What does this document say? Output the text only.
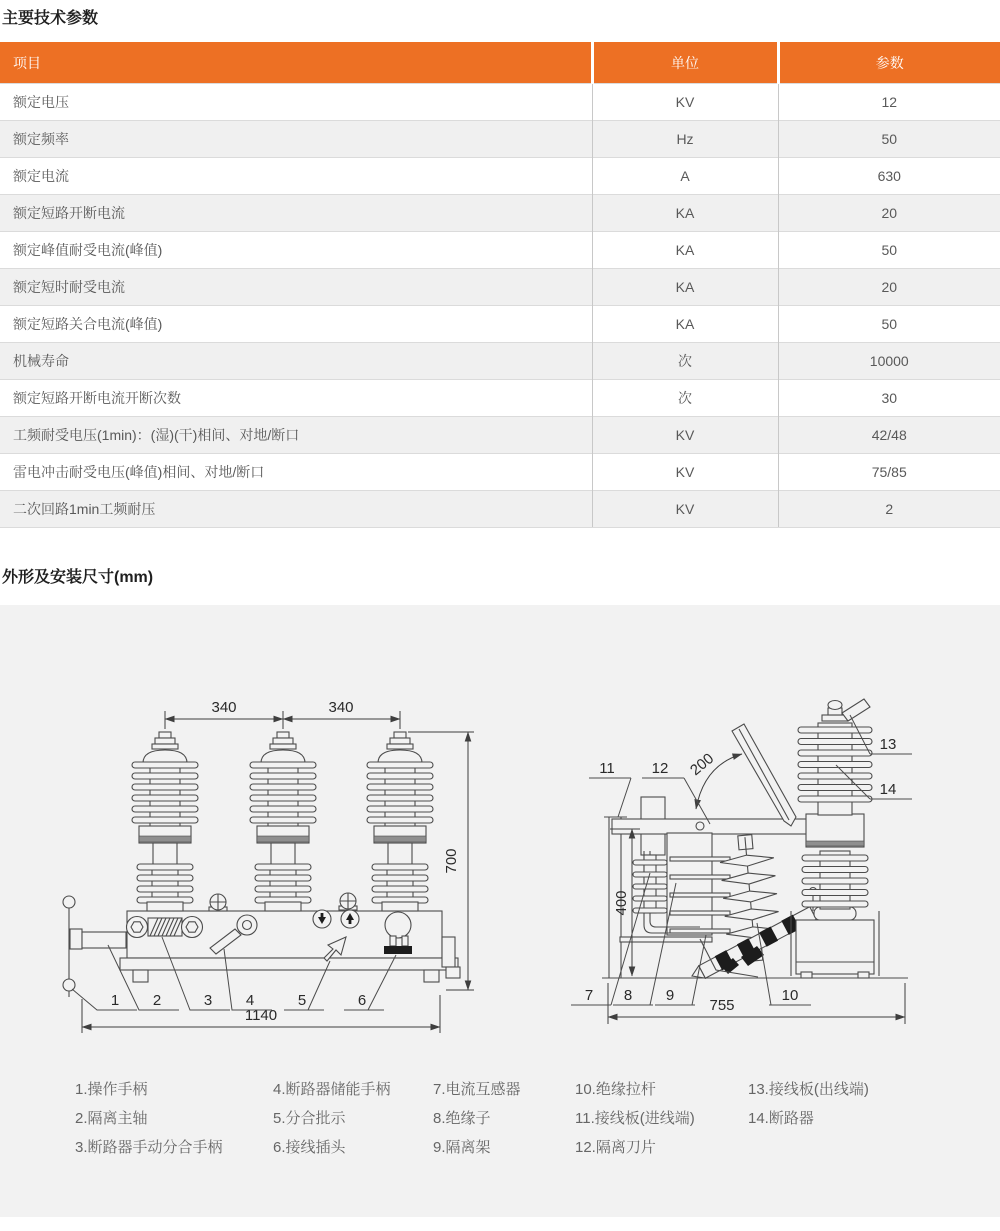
主要技术参数
项目	单位	参数
额定电压	KV	12
额定频率	Hz	50
额定电流	A	630
额定短路开断电流	KA	20
额定峰值耐受电流(峰值)	KA	50
额定短时耐受电流	KA	20
额定短路关合电流(峰值)	KA	50
机械寿命	次	10000
额定短路开断电流开断次数	次	30
工频耐受电压(1min)：(湿)(干)相间、对地/断口	KV	42/48
雷电冲击耐受电压(峰值)相间、对地/断口	KV	75/85
二次回路1min工频耐压	KV	2
外形及安装尺寸(mm)
340	340
700
1140
1 2	3 4	5	6
200
400
755
7 8 9	10
11 12
13
14

1.操作手柄

2.隔离主轴

3.断路器手动分合手柄

4.断路器储能手柄

5.分合批示

6.接线插头

7.电流互感器

8.绝缘子

9.隔离架

10.绝缘拉杆

11.接线板(进线端)

12.隔离刀片

13.接线板(出线端)

14.断路器
